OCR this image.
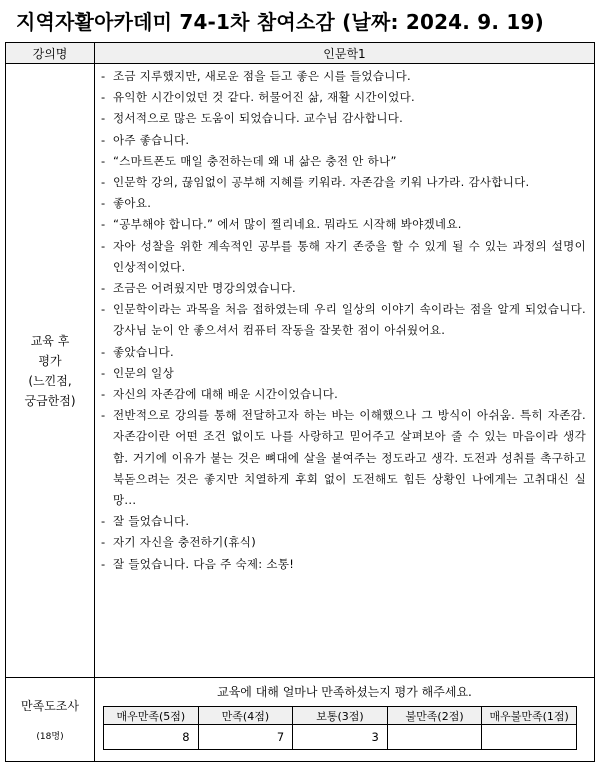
지역자활아카데미 74-1차 참여소감 (날짜: 2024. 9. 19)
강의명	인문학1

교육 후
평가
(느낀점,
궁금한점)

- 조금 지루했지만, 새로운 점을 듣고 좋은 시를 들었습니다.
- 유익한 시간이었던 것 같다. 허물어진 삶, 재활 시간이었다.
- 정서적으로 많은 도움이 되었습니다. 교수님 감사합니다.
- 아주 좋습니다.
- “스마트폰도 매일 충전하는데 왜 내 삶은 충전 안 하나”
- 인문학 강의, 끊임없이 공부해 지혜를 키워라. 자존감을 키워 나가라. 감사합니다.
- 좋아요.
- “공부해야 합니다.” 에서 많이 찔리네요. 뭐라도 시작해 봐야겠네요.
- 자아 성찰을 위한 계속적인 공부를 통해 자기 존중을 할 수 있게 될 수 있는 과정의 설명이 인상적이었다.
- 조금은 어려웠지만 명강의였습니다.
- 인문학이라는 과목을 처음 접하였는데 우리 일상의 이야기 속이라는 점을 알게 되었습니다. 강사님 눈이 안 좋으셔서 컴퓨터 작동을 잘못한 점이 아쉬웠어요.
- 좋았습니다.
- 인문의 일상
- 자신의 자존감에 대해 배운 시간이었습니다.
- 전반적으로 강의를 통해 전달하고자 하는 바는 이해했으나 그 방식이 아쉬움. 특히 자존감. 자존감이란 어떤 조건 없이도 나를 사랑하고 믿어주고 살펴보아 줄 수 있는 마음이라 생각함. 거기에 이유가 붙는 것은 뼈대에 살을 붙여주는 정도라고 생각. 도전과 성취를 촉구하고 북돋으려는 것은 좋지만 치열하게 후회 없이 도전해도 힘든 상황인 나에게는 고취대신 실망...
- 잘 들었습니다.
- 자기 자신을 충전하기(휴식)
- 잘 들었습니다. 다음 주 숙제: 소통!

만족도조사
(18명)

교육에 대해 얼마나 만족하셨는지 평가 해주세요.
매우만족(5점)	만족(4점)	보통(3점)	불만족(2점)	매우불만족(1점)
8	7	3		
